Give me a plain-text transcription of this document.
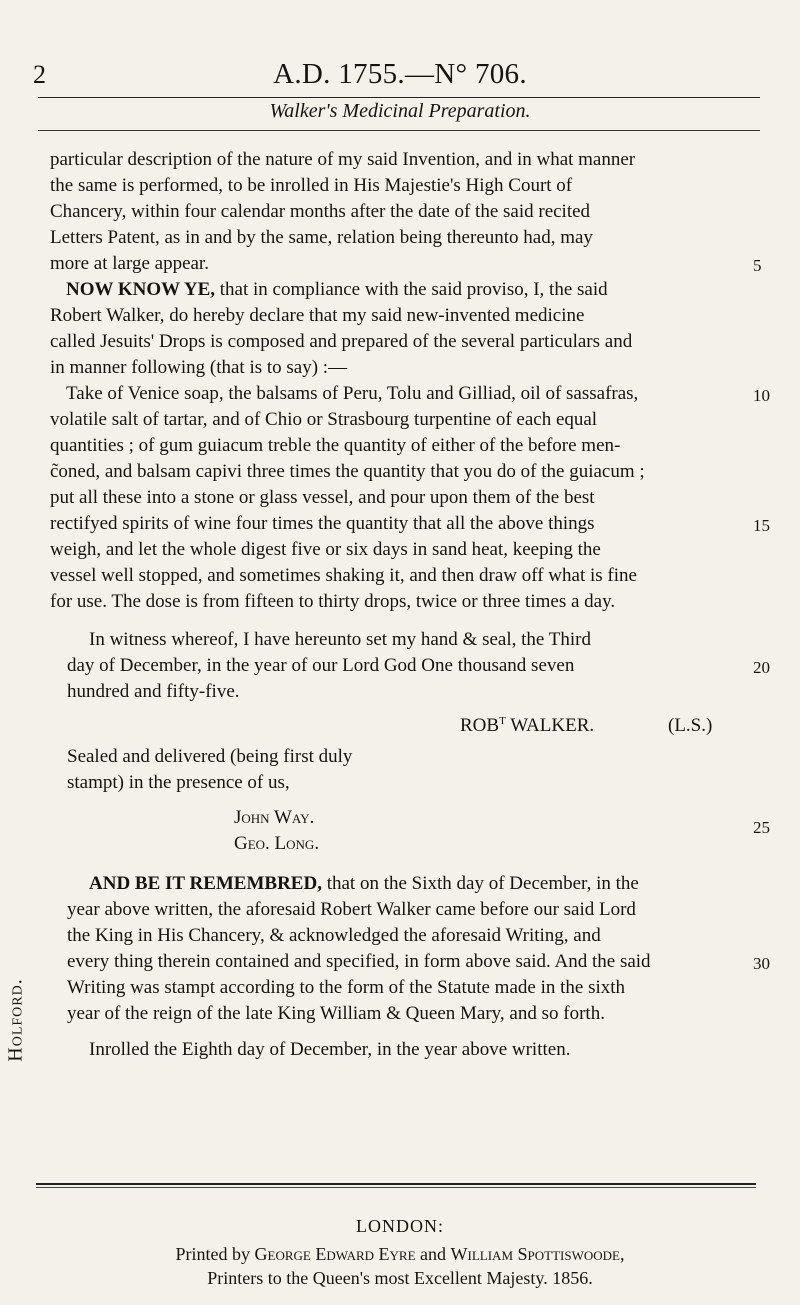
2	A.D. 1755.—N° 706.
Walker's Medicinal Preparation.
particular description of the nature of my said Invention, and in what manner
the same is performed, to be inrolled in His Majestie's High Court of
Chancery, within four calendar months after the date of the said recited
Letters Patent, as in and by the same, relation being thereunto had, may
more at large appear.	5
NOW KNOW YE, that in compliance with the said proviso, I, the said
Robert Walker, do hereby declare that my said new-invented medicine
called Jesuits' Drops is composed and prepared of the several particulars and
in manner following (that is to say) :—
Take of Venice soap, the balsams of Peru, Tolu and Gilliad, oil of sassafras,	10
volatile salt of tartar, and of Chio or Strasbourg turpentine of each equal
quantities ; of gum guiacum treble the quantity of either of the before men-
c̃oned, and balsam capivi three times the quantity that you do of the guiacum ;
put all these into a stone or glass vessel, and pour upon them of the best
rectifyed spirits of wine four times the quantity that all the above things	15
weigh, and let the whole digest five or six days in sand heat, keeping the
vessel well stopped, and sometimes shaking it, and then draw off what is fine
for use. The dose is from fifteen to thirty drops, twice or three times a day.
In witness whereof, I have hereunto set my hand & seal, the Third
day of December, in the year of our Lord God One thousand seven	20
hundred and fifty-five.
$ROB^T$ WALKER.	(L.S.)
Sealed and delivered (being first duly
stampt) in the presence of us,
John Way.	25
Geo. Long.
AND BE IT REMEMBRED, that on the Sixth day of December, in the
year above written, the aforesaid Robert Walker came before our said Lord
the King in His Chancery, & acknowledged the aforesaid Writing, and
every thing therein contained and specified, in form above said. And the said	30
Writing was stampt according to the form of the Statute made in the sixth
year of the reign of the late King William & Queen Mary, and so forth.
Inrolled the Eighth day of December, in the year above written.
Holford.
LONDON:
Printed by George Edward Eyre and William Spottiswoode,
Printers to the Queen's most Excellent Majesty. 1856.
